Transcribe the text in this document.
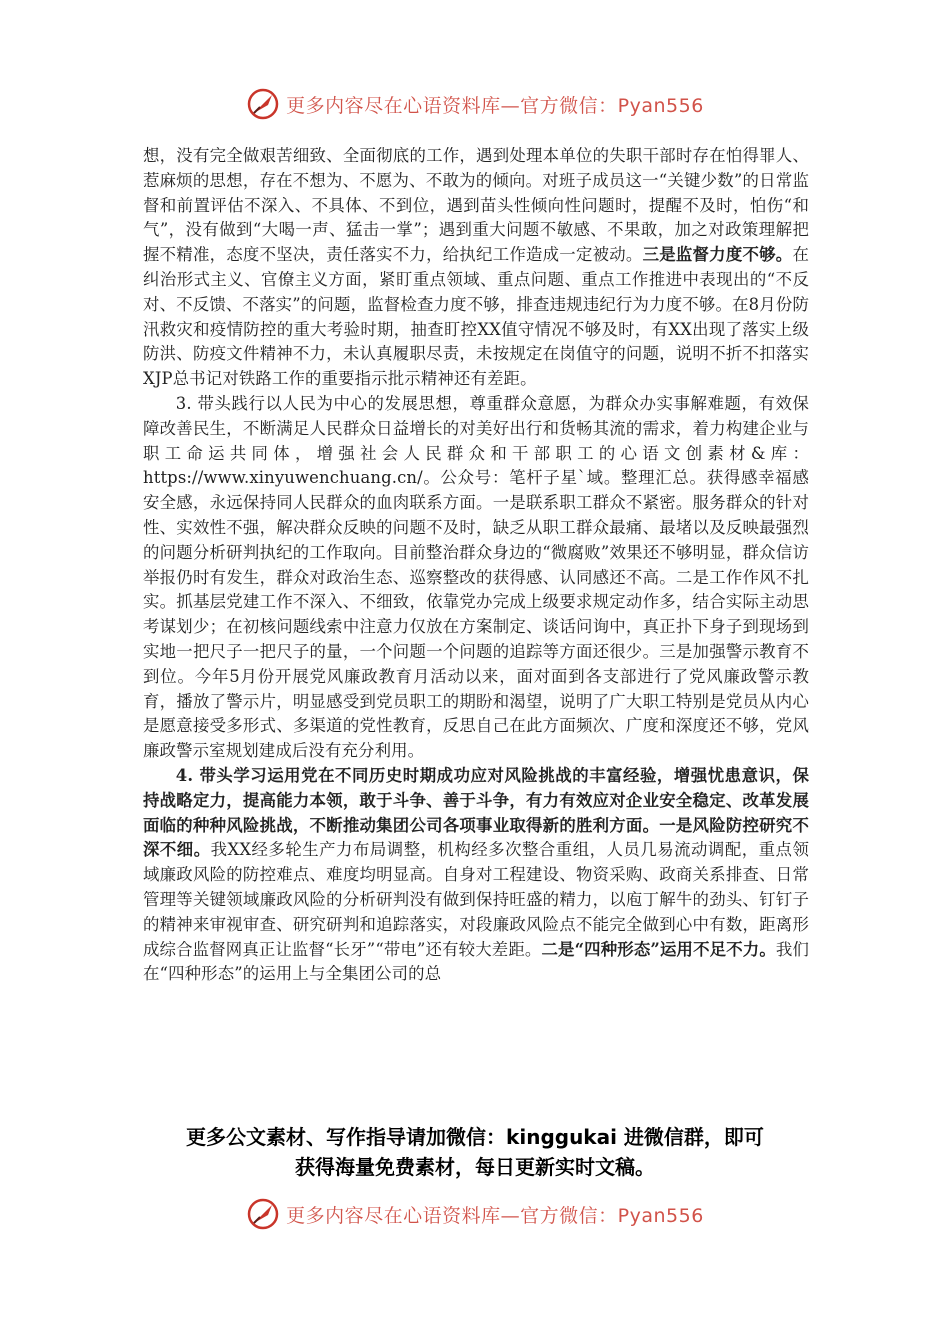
更多内容尽在心语资料库—官方微信：Pyan556

想，没有完全做艰苦细致、全面彻底的工作，遇到处理本单位的失职干部时存在怕得罪人、惹麻烦的思想，存在不想为、不愿为、不敢为的倾向。对班子成员这一“关键少数”的日常监督和前置评估不深入、不具体、不到位，遇到苗头性倾向性问题时，提醒不及时，怕伤“和气”，没有做到“大喝一声、猛击一掌”；遇到重大问题不敏感、不果敢，加之对政策理解把握不精准，态度不坚决，责任落实不力，给执纪工作造成一定被动。三是监督力度不够。在纠治形式主义、官僚主义方面，紧盯重点领域、重点问题、重点工作推进中表现出的“不反对、不反馈、不落实”的问题，监督检查力度不够，排查违规违纪行为力度不够。在8月份防汛救灾和疫情防控的重大考验时期，抽查盯控XX值守情况不够及时，有XX出现了落实上级防洪、防疫文件精神不力，未认真履职尽责，未按规定在岗值守的问题，说明不折不扣落实XJP总书记对铁路工作的重要指示批示精神还有差距。

3. 带头践行以人民为中心的发展思想，尊重群众意愿，为群众办实事解难题，有效保障改善民生，不断满足人民群众日益增长的对美好出行和货畅其流的需求，着力构建企业与职工命运共同体，增强社会人民群众和干部职工的心语文创素材&库：https://www.xinyuwenchuang.cn/。公众号：笔杆子星`域。整理汇总。获得感幸福感安全感，永远保持同人民群众的血肉联系方面。一是联系职工群众不紧密。服务群众的针对性、实效性不强，解决群众反映的问题不及时，缺乏从职工群众最痛、最堵以及反映最强烈的问题分析研判执纪的工作取向。目前整治群众身边的“微腐败”效果还不够明显，群众信访举报仍时有发生，群众对政治生态、巡察整改的获得感、认同感还不高。二是工作作风不扎实。抓基层党建工作不深入、不细致，依靠党办完成上级要求规定动作多，结合实际主动思考谋划少；在初核问题线索中注意力仅放在方案制定、谈话问询中，真正扑下身子到现场到实地一把尺子一把尺子的量，一个问题一个问题的追踪等方面还很少。三是加强警示教育不到位。今年5月份开展党风廉政教育月活动以来，面对面到各支部进行了党风廉政警示教育，播放了警示片，明显感受到党员职工的期盼和渴望，说明了广大职工特别是党员从内心是愿意接受多形式、多渠道的党性教育，反思自己在此方面频次、广度和深度还不够，党风廉政警示室规划建成后没有充分利用。

4. 带头学习运用党在不同历史时期成功应对风险挑战的丰富经验，增强忧患意识，保持战略定力，提高能力本领，敢于斗争、善于斗争，有力有效应对企业安全稳定、改革发展面临的种种风险挑战，不断推动集团公司各项事业取得新的胜利方面。一是风险防控研究不深不细。我XX经多轮生产力布局调整，机构经多次整合重组，人员几易流动调配，重点领域廉政风险的防控难点、难度均明显高。自身对工程建设、物资采购、政商关系排查、日常管理等关键领域廉政风险的分析研判没有做到保持旺盛的精力，以庖丁解牛的劲头、钉钉子的精神来审视审查、研究研判和追踪落实，对段廉政风险点不能完全做到心中有数，距离形成综合监督网真正让监督“长牙”“带电”还有较大差距。二是“四种形态”运用不足不力。我们在“四种形态”的运用上与全集团公司的总

更多公文素材、写作指导请加微信：kinggukai 进微信群，即可
获得海量免费素材，每日更新实时文稿。
更多内容尽在心语资料库—官方微信：Pyan556
